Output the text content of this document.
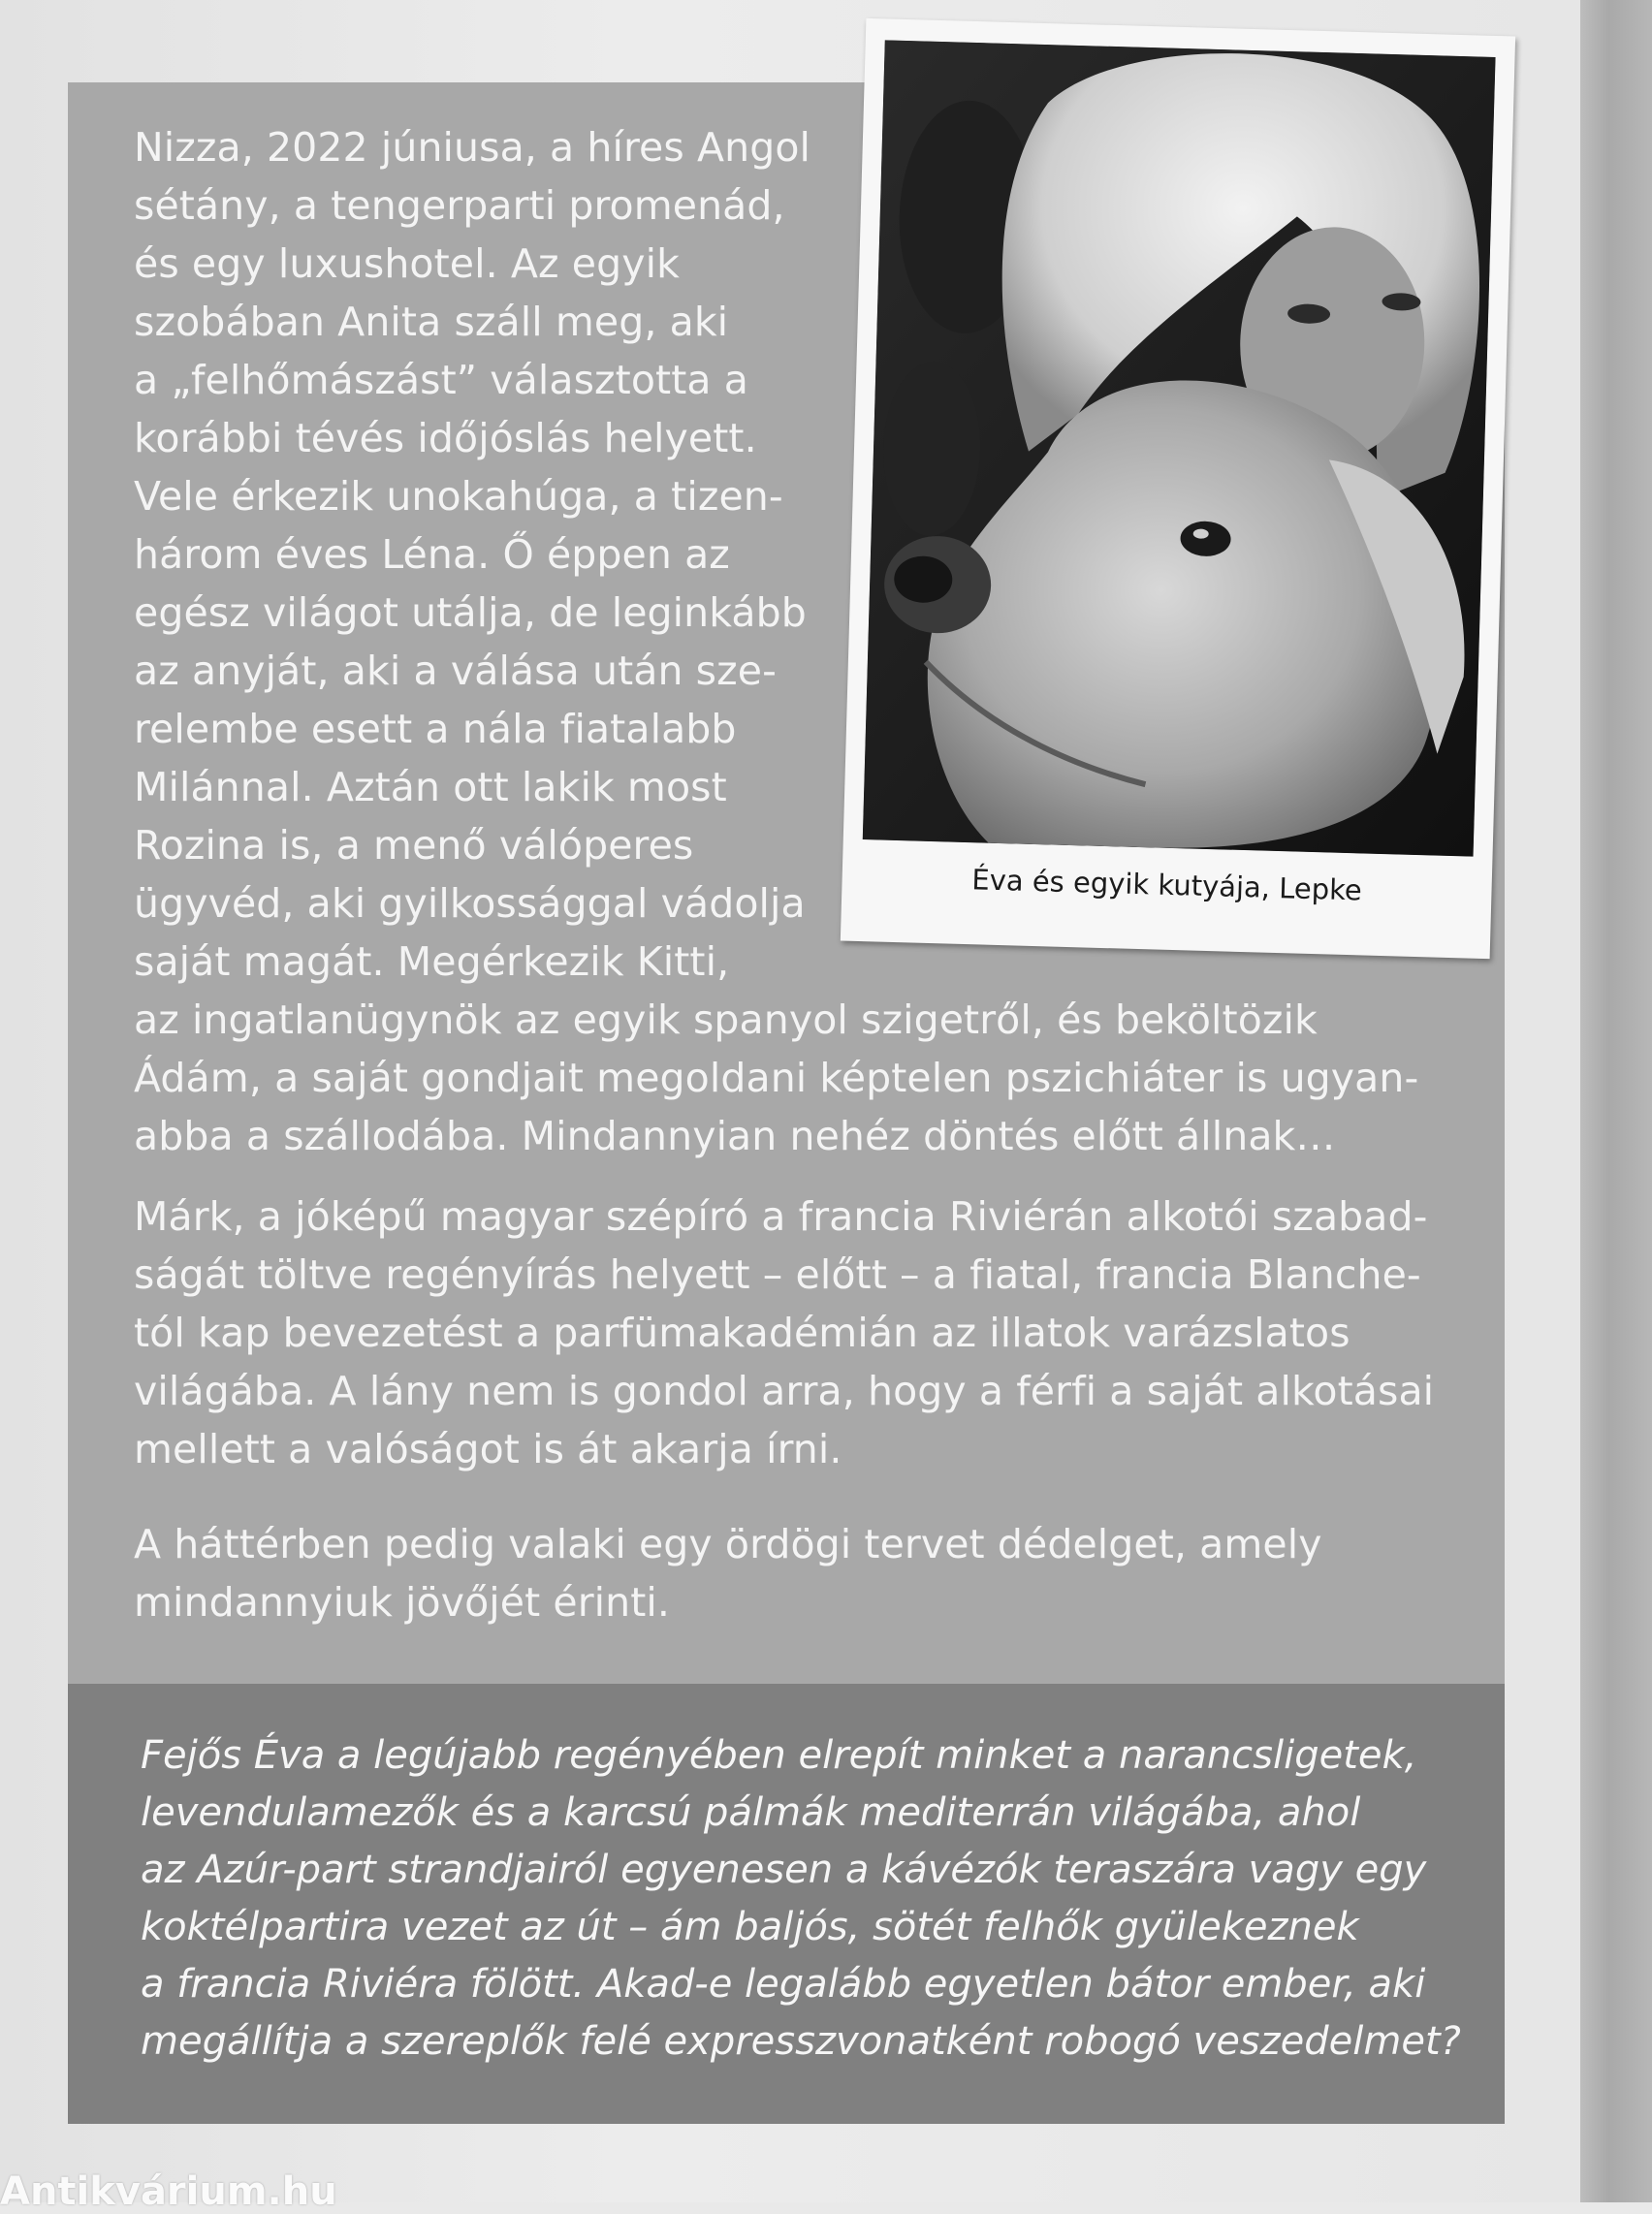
Nizza, 2022 júniusa, a híres Angol
sétány, a tengerparti promenád,
és egy luxushotel. Az egyik
szobában Anita száll meg, aki
a „felhőmászást” választotta a
korábbi tévés időjóslás helyett.
Vele érkezik unokahúga, a tizen-
három éves Léna. Ő éppen az
egész világot utálja, de leginkább
az anyját, aki a válása után sze-
relembe esett a nála fiatalabb
Milánnal. Aztán ott lakik most
Rozina is, a menő válóperes
ügyvéd, aki gyilkossággal vádolja
saját magát. Megérkezik Kitti,
az ingatlanügynök az egyik spanyol szigetről, és beköltözik
Ádám, a saját gondjait megoldani képtelen pszichiáter is ugyan-
abba a szállodába. Mindannyian nehéz döntés előtt állnak…
Márk, a jóképű magyar szépíró a francia Riviérán alkotói szabad-
ságát töltve regényírás helyett – előtt – a fiatal, francia Blanche-
tól kap bevezetést a parfümakadémián az illatok varázslatos
világába. A lány nem is gondol arra, hogy a férfi a saját alkotásai
mellett a valóságot is át akarja írni.
A háttérben pedig valaki egy ördögi tervet dédelget, amely
mindannyiuk jövőjét érinti.
Fejős Éva a legújabb regényében elrepít minket a narancsligetek,
levendulamezők és a karcsú pálmák mediterrán világába, ahol
az Azúr-part strandjairól egyenesen a kávézók teraszára vagy egy
koktélpartira vezet az út – ám baljós, sötét felhők gyülekeznek
a francia Riviéra fölött. Akad-e legalább egyetlen bátor ember, aki
megállítja a szereplők felé expresszvonatként robogó veszedelmet?
Éva és egyik kutyája, Lepke
Antikvárium.hu
